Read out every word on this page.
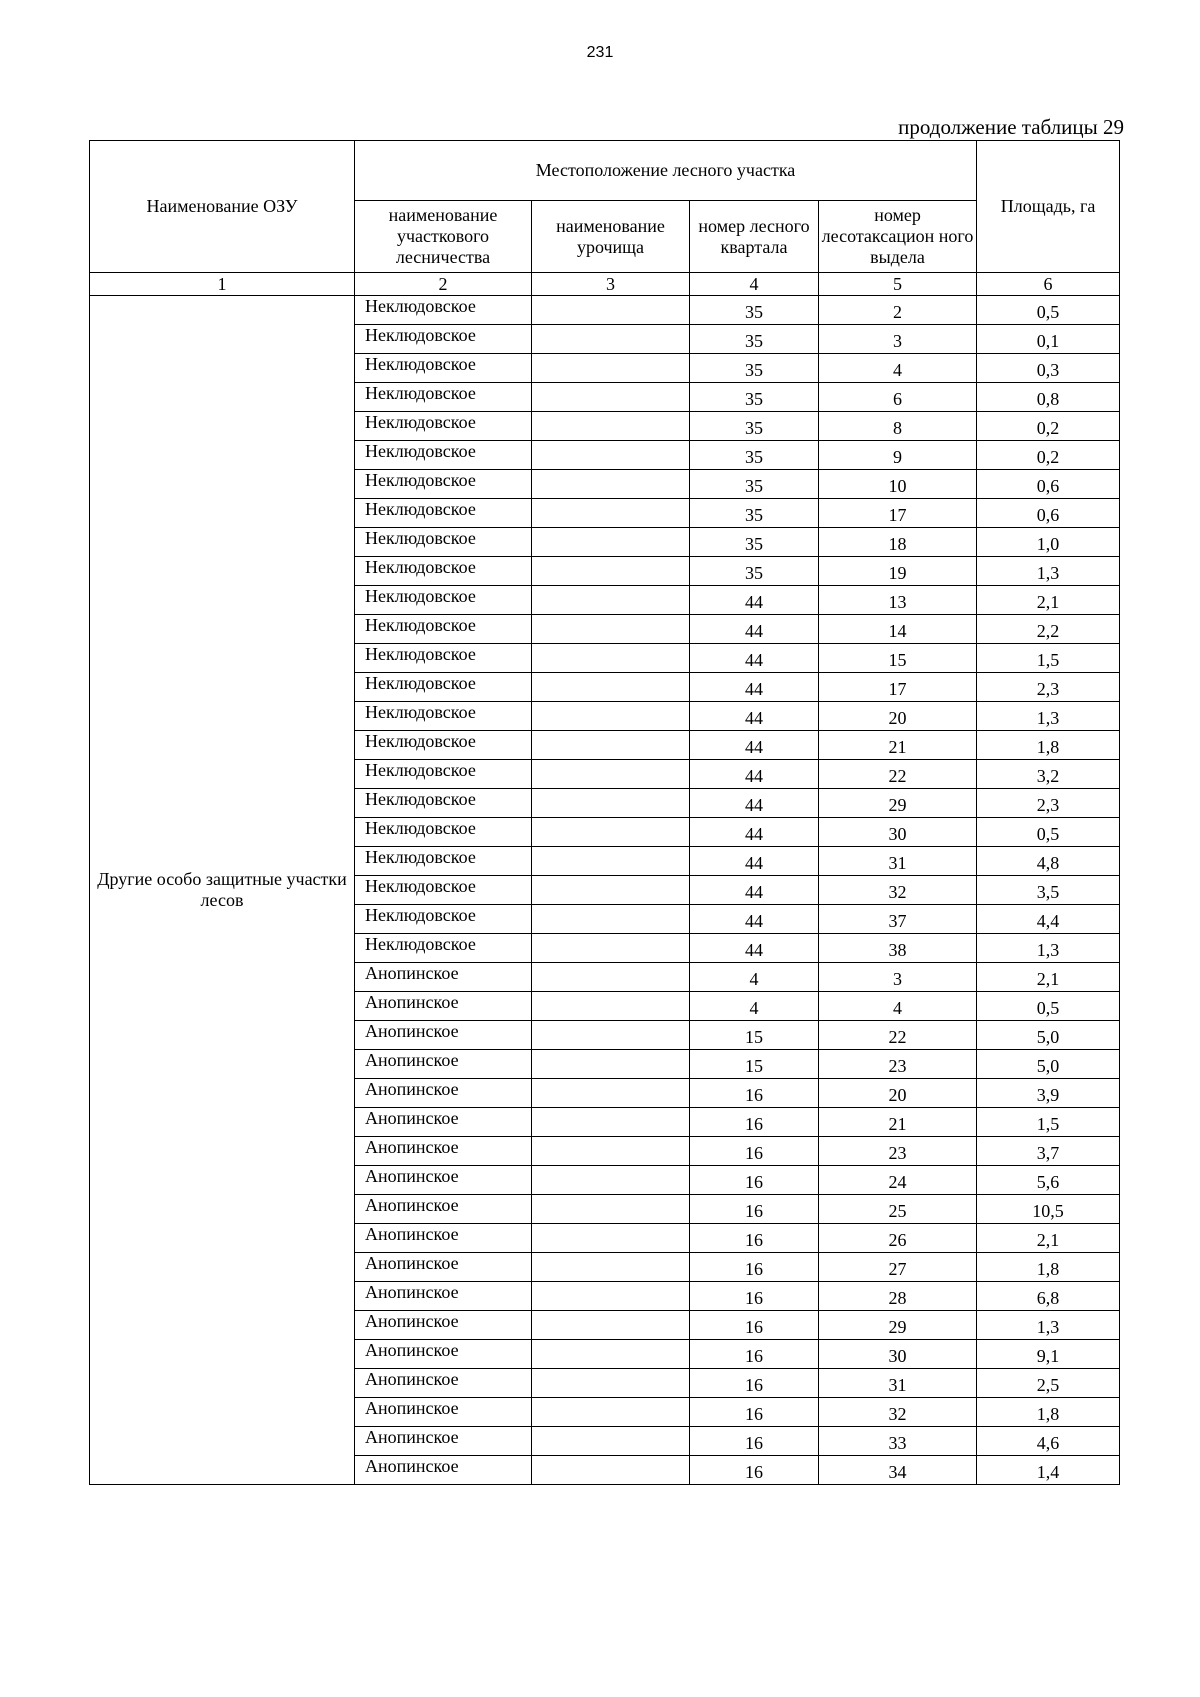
231
продолжение таблицы 29
Наименование ОЗУ	Местоположение лесного участка				Площадь, га
	наименование участкового лесничества	наименование урочища	номер лесного квартала	номер лесотаксацион ного выдела	
1	2	3	4	5	6
Другие особо защитные участки лесов	Неклюдовское		35	2	0,5
	Неклюдовское		35	3	0,1
	Неклюдовское		35	4	0,3
	Неклюдовское		35	6	0,8
	Неклюдовское		35	8	0,2
	Неклюдовское		35	9	0,2
	Неклюдовское		35	10	0,6
	Неклюдовское		35	17	0,6
	Неклюдовское		35	18	1,0
	Неклюдовское		35	19	1,3
	Неклюдовское		44	13	2,1
	Неклюдовское		44	14	2,2
	Неклюдовское		44	15	1,5
	Неклюдовское		44	17	2,3
	Неклюдовское		44	20	1,3
	Неклюдовское		44	21	1,8
	Неклюдовское		44	22	3,2
	Неклюдовское		44	29	2,3
	Неклюдовское		44	30	0,5
	Неклюдовское		44	31	4,8
	Неклюдовское		44	32	3,5
	Неклюдовское		44	37	4,4
	Неклюдовское		44	38	1,3
	Анопинское		4	3	2,1
	Анопинское		4	4	0,5
	Анопинское		15	22	5,0
	Анопинское		15	23	5,0
	Анопинское		16	20	3,9
	Анопинское		16	21	1,5
	Анопинское		16	23	3,7
	Анопинское		16	24	5,6
	Анопинское		16	25	10,5
	Анопинское		16	26	2,1
	Анопинское		16	27	1,8
	Анопинское		16	28	6,8
	Анопинское		16	29	1,3
	Анопинское		16	30	9,1
	Анопинское		16	31	2,5
	Анопинское		16	32	1,8
	Анопинское		16	33	4,6
	Анопинское		16	34	1,4
